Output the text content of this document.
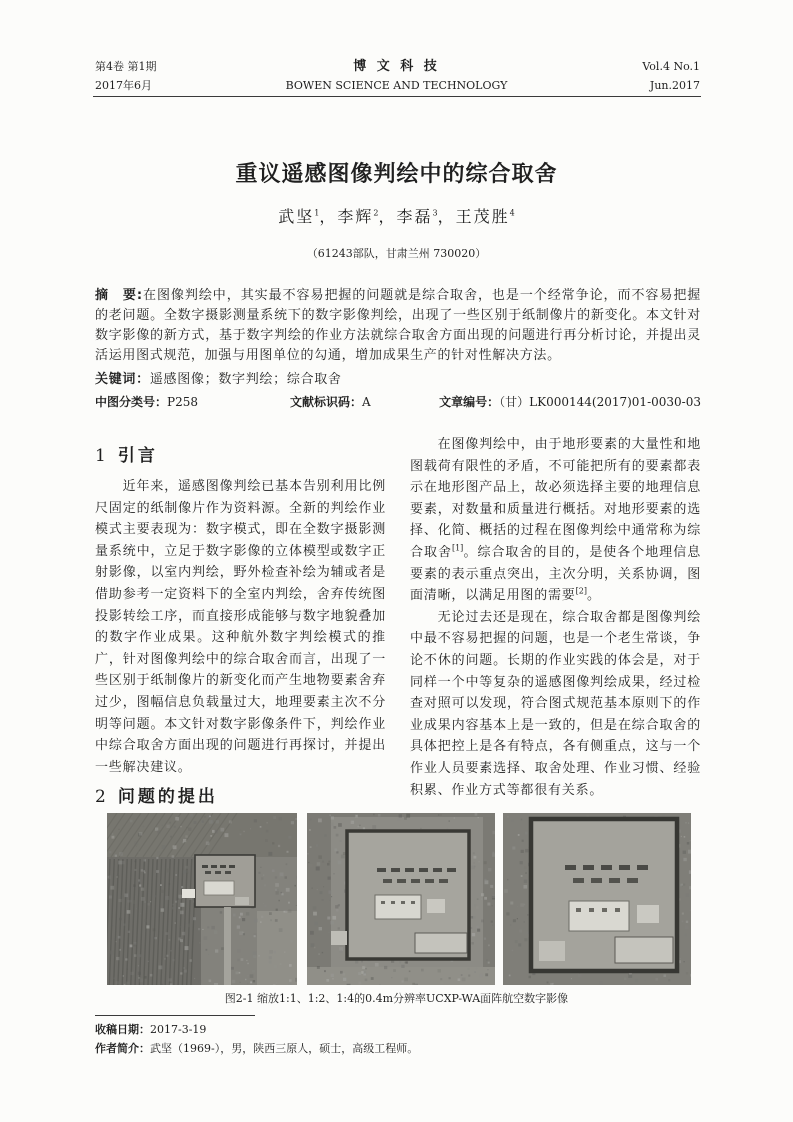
第4卷 第1期
2017年6月
博 文 科 技
BOWEN SCIENCE AND TECHNOLOGY
Vol.4 No.1
Jun.2017
重议遥感图像判绘中的综合取舍
武坚$^1$，李辉$^2$，李磊$^3$，王茂胜$^4$
（61243部队，甘肃兰州 730020）

摘　要:在图像判绘中，其实最不容易把握的问题就是综合取舍，也是一个经常争论，而不容易把握的老问题。全数字摄影测量系统下的数字影像判绘，出现了一些区别于纸制像片的新变化。本文针对数字影像的新方式，基于数字判绘的作业方法就综合取舍方面出现的问题进行再分析讨论，并提出灵活运用图式规范，加强与用图单位的勾通，增加成果生产的针对性解决方法。

关键词：遥感图像；数字判绘；综合取舍

中图分类号：P258	文献标识码：A	文章编号：（甘）LK000144(2017)01-0030-03
1 引言

近年来，遥感图像判绘已基本告别利用比例尺固定的纸制像片作为资料源。全新的判绘作业模式主要表现为：数字模式，即在全数字摄影测量系统中，立足于数字影像的立体模型或数字正射影像，以室内判绘，野外检查补绘为辅或者是借助参考一定资料下的全室内判绘，舍弃传统图投影转绘工序，而直接形成能够与数字地貌叠加的数字作业成果。这种航外数字判绘模式的推广，针对图像判绘中的综合取舍而言，出现了一些区别于纸制像片的新变化而产生地物要素舍弃过少，图幅信息负载量过大，地理要素主次不分明等问题。本文针对数字影像条件下，判绘作业中综合取舍方面出现的问题进行再探讨，并提出一些解决建议。

2 问题的提出

在图像判绘中，由于地形要素的大量性和地图载荷有限性的矛盾，不可能把所有的要素都表示在地形图产品上，故必须选择主要的地理信息要素，对数量和质量进行概括。对地形要素的选择、化简、概括的过程在图像判绘中通常称为综合取舍[1]。综合取舍的目的，是使各个地理信息要素的表示重点突出，主次分明，关系协调，图面清晰，以满足用图的需要[2]。

无论过去还是现在，综合取舍都是图像判绘中最不容易把握的问题，也是一个老生常谈，争论不休的问题。长期的作业实践的体会是，对于同样一个中等复杂的遥感图像判绘成果，经过检查对照可以发现，符合图式规范基本原则下的作业成果内容基本上是一致的，但是在综合取舍的具体把控上是各有特点，各有侧重点，这与一个作业人员要素选择、取舍处理、作业习惯、经验积累、作业方式等都很有关系。

图2-1 缩放1:1、1:2、1:4的0.4m分辨率UCXP-WA面阵航空数字影像

收稿日期：2017-3-19

作者简介：武坚（1969-），男，陕西三原人，硕士，高级工程师。
